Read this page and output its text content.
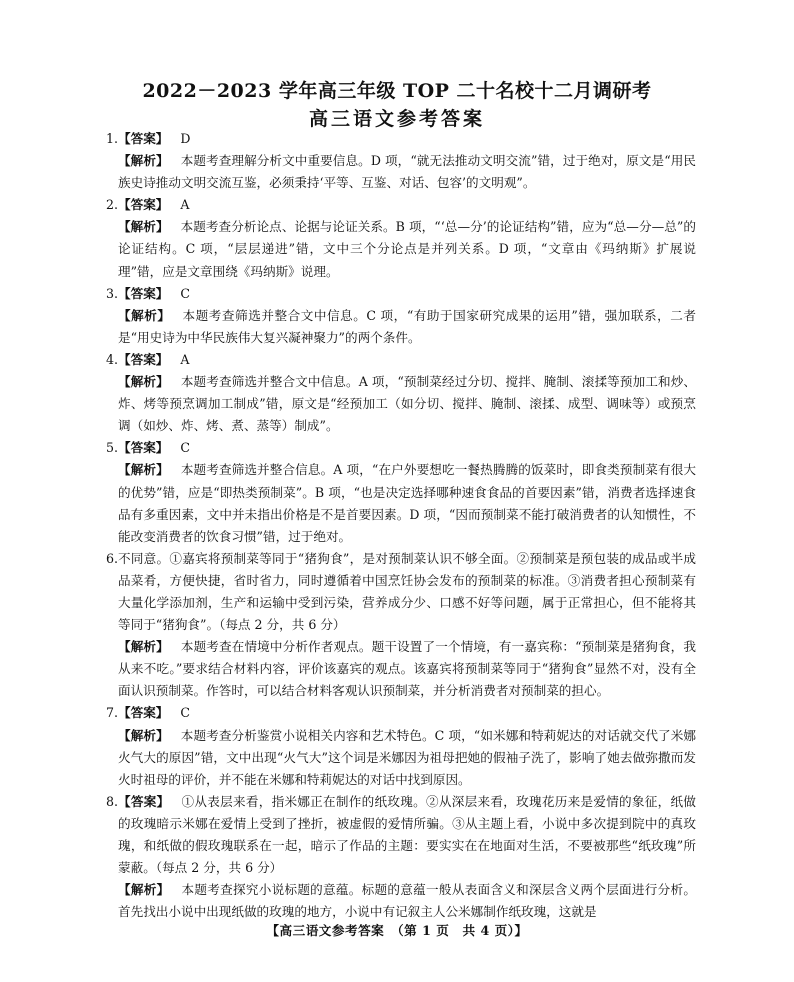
2022－2023 学年高三年级 TOP 二十名校十二月调研考
高三语文参考答案
1. 【答案】 D

【解析】 本题考查理解分析文中重要信息。D 项，“就无法推动文明交流”错，过于绝对，原文是“用民族史诗推动文明交流互鉴，必须秉持‘平等、互鉴、对话、包容’的文明观”。

2. 【答案】 A

【解析】 本题考查分析论点、论据与论证关系。B 项，“‘总—分’的论证结构”错，应为“总—分—总”的论证结构。C 项，“层层递进”错，文中三个分论点是并列关系。D 项，“文章由《玛纳斯》扩展说理”错，应是文章围绕《玛纳斯》说理。

3. 【答案】 C

【解析】 本题考查筛选并整合文中信息。C 项，“有助于国家研究成果的运用”错，强加联系，二者是“用史诗为中华民族伟大复兴凝神聚力”的两个条件。

4. 【答案】 A

【解析】 本题考查筛选并整合文中信息。A 项，“预制菜经过分切、搅拌、腌制、滚揉等预加工和炒、炸、烤等预烹调加工制成”错，原文是“经预加工（如分切、搅拌、腌制、滚揉、成型、调味等）或预烹调（如炒、炸、烤、煮、蒸等）制成”。

5. 【答案】 C

【解析】 本题考查筛选并整合信息。A 项，“在户外要想吃一餐热腾腾的饭菜时，即食类预制菜有很大的优势”错，应是“即热类预制菜”。B 项，“也是决定选择哪种速食食品的首要因素”错，消费者选择速食品有多重因素，文中并未指出价格是不是首要因素。D 项，“因而预制菜不能打破消费者的认知惯性，不能改变消费者的饮食习惯”错，过于绝对。

6. 不同意。①嘉宾将预制菜等同于“猪狗食”，是对预制菜认识不够全面。②预制菜是预包装的成品或半成品菜肴，方便快捷，省时省力，同时遵循着中国烹饪协会发布的预制菜的标准。③消费者担心预制菜有大量化学添加剂，生产和运输中受到污染，营养成分少、口感不好等问题，属于正常担心，但不能将其等同于“猪狗食”。（每点 2 分，共 6 分）

【解析】 本题考查在情境中分析作者观点。题干设置了一个情境，有一嘉宾称：“预制菜是猪狗食，我从来不吃。”要求结合材料内容，评价该嘉宾的观点。该嘉宾将预制菜等同于“猪狗食”显然不对，没有全面认识预制菜。作答时，可以结合材料客观认识预制菜，并分析消费者对预制菜的担心。

7. 【答案】 C

【解析】 本题考查分析鉴赏小说相关内容和艺术特色。C 项，“如米娜和特莉妮达的对话就交代了米娜火气大的原因”错，文中出现“火气大”这个词是米娜因为祖母把她的假袖子洗了，影响了她去做弥撒而发火时祖母的评价，并不能在米娜和特莉妮达的对话中找到原因。

8. 【答案】 ①从表层来看，指米娜正在制作的纸玫瑰。②从深层来看，玫瑰花历来是爱情的象征，纸做的玫瑰暗示米娜在爱情上受到了挫折，被虚假的爱情所骗。③从主题上看，小说中多次提到院中的真玫瑰，和纸做的假玫瑰联系在一起，暗示了作品的主题：要实实在在地面对生活，不要被那些“纸玫瑰”所蒙蔽。（每点 2 分，共 6 分）

【解析】 本题考查探究小说标题的意蕴。标题的意蕴一般从表面含义和深层含义两个层面进行分析。首先找出小说中出现纸做的玫瑰的地方，小说中有记叙主人公米娜制作纸玫瑰，这就是

【高三语文参考答案　（第 1 页　共 4 页）】
